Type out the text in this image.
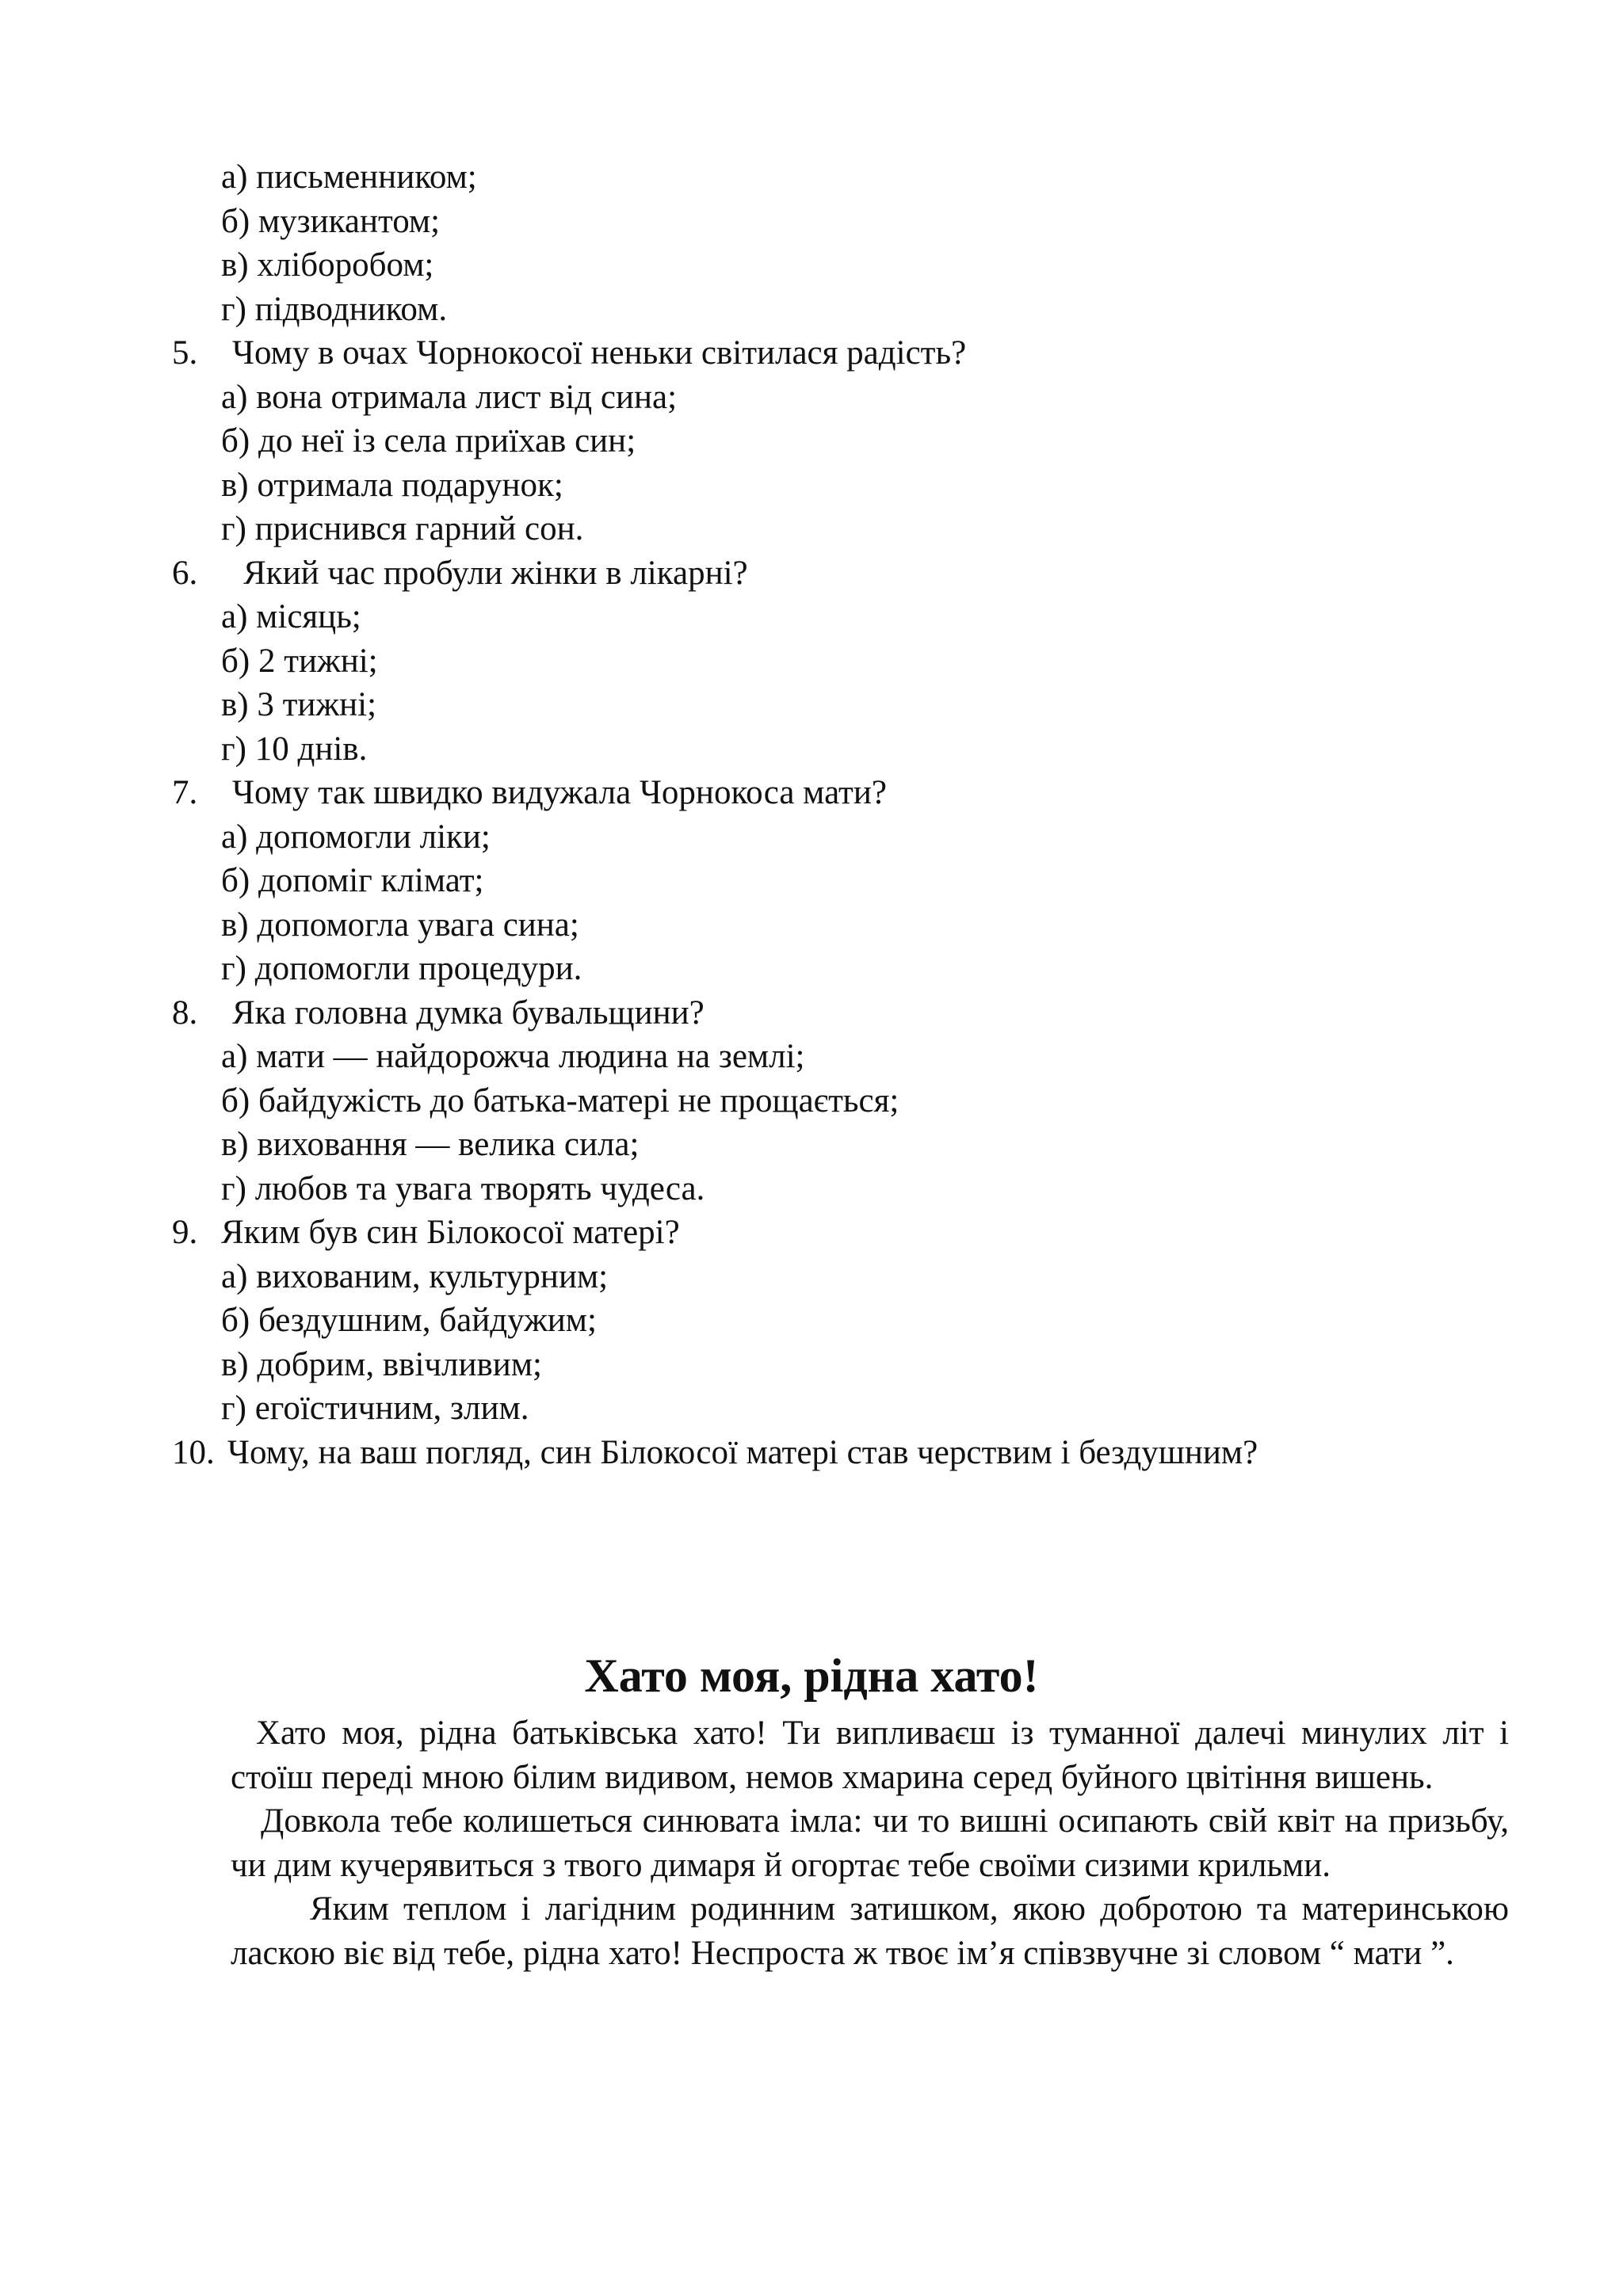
а) письменником;
б) музикантом;
в) хліборобом;
г) підводником.
5. Чому в очах Чорнокосої неньки світилася радість?
а) вона отримала лист від сина;
б) до неї із села приїхав син;
в) отримала подарунок;
г) приснився гарний сон.
6. Який час пробули жінки в лікарні?
а) місяць;
б) 2 тижні;
в) 3 тижні;
г) 10 днів.
7. Чому так швидко видужала Чорнокоса мати?
а) допомогли ліки;
б) допоміг клімат;
в) допомогла увага сина;
г) допомогли процедури.
8. Яка головна думка бувальщини?
а) мати — найдорожча людина на землі;
б) байдужість до батька-матері не прощається;
в) виховання — велика сила;
г) любов та увага творять чудеса.
9. Яким був син Білокосої матері?
а) вихованим, культурним;
б) бездушним, байдужим;
в) добрим, ввічливим;
г) егоїстичним, злим.
10. Чому, на ваш погляд, син Білокосої матері став черствим і бездушним?
Хато моя, рідна хато!

Хато моя, рідна батьківська хато! Ти випливаєш із туманної далечі минулих літ і стоїш переді мною білим видивом, немов хмарина серед буйного цвітіння вишень.

Довкола тебе колишеться синювата імла: чи то вишні осипають свій квіт на призьбу, чи дим кучерявиться з твого димаря й огортає тебе своїми сизими крильми.

Яким теплом і лагідним родинним затишком, якою добротою та материнською ласкою віє від тебе, рідна хато! Неспроста ж твоє ім’я співзвучне зі словом “ мати ”.
